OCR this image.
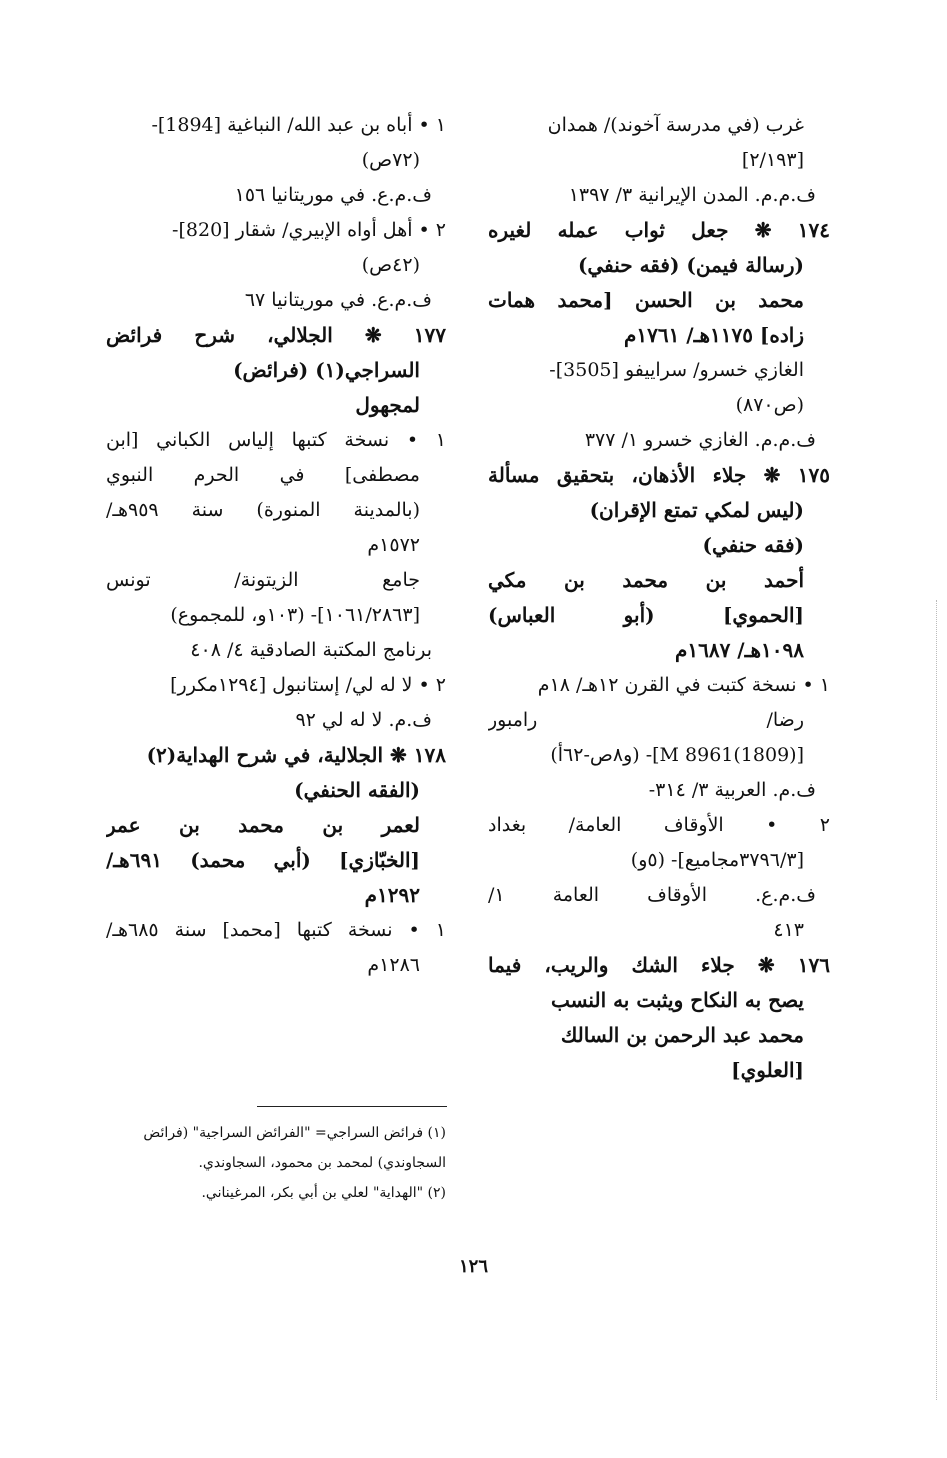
غرب (في مدرسة آخوند)/ همدان
[٢/١٩٣]
ف.م.م. المدن الإيرانية ٣/ ١٣٩٧
١٧٤ ❋ جعل ثواب عمله لغيره
(رسالة فيمن) (فقه حنفي)
محمد بن الحسن [محمد همات
زاده] ١١٧٥هـ/ ١٧٦١م
الغازي خسرو/ سراييفو [3505]-
(ص٨٧٠)
ف.م.م. الغازي خسرو ١/ ٣٧٧
١٧٥ ❋ جلاء الأذهان، بتحقيق مسألة
(ليس لمكي تمتع الإقران)
(فقه حنفي)
أحمد بن محمد بن مكي
[الحموي] (أبو العباس)
١٠٩٨هـ/ ١٦٨٧م
١ • نسخة كتبت في القرن ١٢هـ/ ١٨م
رضا/ رامبور
[M 8961(1809)]- (و٨ص-٦٢أ)
ف.م. العربية ٣/ ٣١٤-
٢ • الأوقاف العامة/ بغداد
[٣٧٩٦/٣مجاميع]- (٥و)
ف.م.ع. الأوقاف العامة ١/
٤١٣
١٧٦ ❋ جلاء الشك والريب، فيما
يصح به النكاح ويثبت به النسب
محمد عبد الرحمن بن السالك
[العلوي]
١ • أباه بن عبد الله/ النباغية [1894]-
(٧٢ص)
ف.م.ع. في موريتانيا ١٥٦
٢ • أهل أواه الإبيري/ شقار [820]-
(٤٢ص)
ف.م.ع. في موريتانيا ٦٧
١٧٧ ❋ الجلالي، شرح فرائض
السراجي(١) (فرائض)
لمجهول
١ • نسخة كتبها إلياس الكباني [ابن
مصطفى] في الحرم النبوي
(بالمدينة المنورة) سنة ٩٥٩هـ/
١٥٧٢م
جامع الزيتونة/ تونس
[١٠٦١/٢٨٦٣]- (١٠٣و، للمجموع)
برنامج المكتبة الصادقية ٤/ ٤٠٨
٢ • لا له لي/ إستانبول [١٢٩٤مكرر]
ف.م. لا له لي ٩٢
١٧٨ ❋ الجلالية، في شرح الهداية(٢)
(الفقه الحنفي)
لعمر بن محمد بن عمر
[الخبّازي] (أبي محمد) ٦٩١هـ/
١٢٩٢م
١ • نسخة كتبها [محمد] سنة ٦٨٥هـ/
١٢٨٦م
(١) فرائض السراجي= "الفرائض السراجية" (فرائض
السجاوندي) لمحمد بن محمود، السجاوندي.
(٢) "الهداية" لعلي بن أبي بكر، المرغيناني.
١٢٦
